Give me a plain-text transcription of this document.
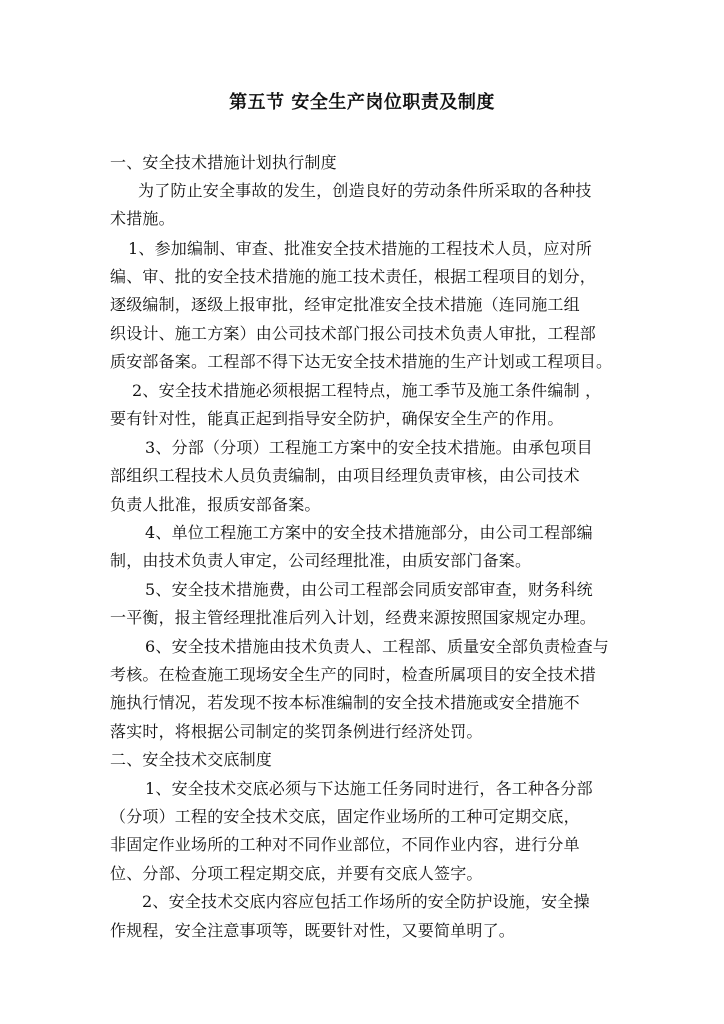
第五节 安全生产岗位职责及制度
一、安全技术措施计划执行制度
为了防止安全事故的发生，创造良好的劳动条件所采取的各种技
术措施。
1、参加编制、审查、批准安全技术措施的工程技术人员，应对所
编、审、批的安全技术措施的施工技术责任，根据工程项目的划分，
逐级编制，逐级上报审批，经审定批准安全技术措施（连同施工组
织设计、施工方案）由公司技术部门报公司技术负责人审批，工程部
质安部备案。工程部不得下达无安全技术措施的生产计划或工程项目。
2、安全技术措施必须根据工程特点，施工季节及施工条件编制 ，
要有针对性，能真正起到指导安全防护，确保安全生产的作用。
3、分部（分项）工程施工方案中的安全技术措施。由承包项目
部组织工程技术人员负责编制，由项目经理负责审核，由公司技术
负责人批准，报质安部备案。
4、单位工程施工方案中的安全技术措施部分，由公司工程部编
制，由技术负责人审定，公司经理批准，由质安部门备案。
5、安全技术措施费，由公司工程部会同质安部审查，财务科统
一平衡，报主管经理批准后列入计划，经费来源按照国家规定办理。
6、安全技术措施由技术负责人、工程部、质量安全部负责检查与
考核。在检查施工现场安全生产的同时，检查所属项目的安全技术措
施执行情况，若发现不按本标准编制的安全技术措施或安全措施不
落实时，将根据公司制定的奖罚条例进行经济处罚。
二、安全技术交底制度
1、安全技术交底必须与下达施工任务同时进行，各工种各分部
（分项）工程的安全技术交底，固定作业场所的工种可定期交底，
非固定作业场所的工种对不同作业部位，不同作业内容，进行分单
位、分部、分项工程定期交底，并要有交底人签字。
2、安全技术交底内容应包括工作场所的安全防护设施，安全操
作规程，安全注意事项等，既要针对性，又要简单明了。
